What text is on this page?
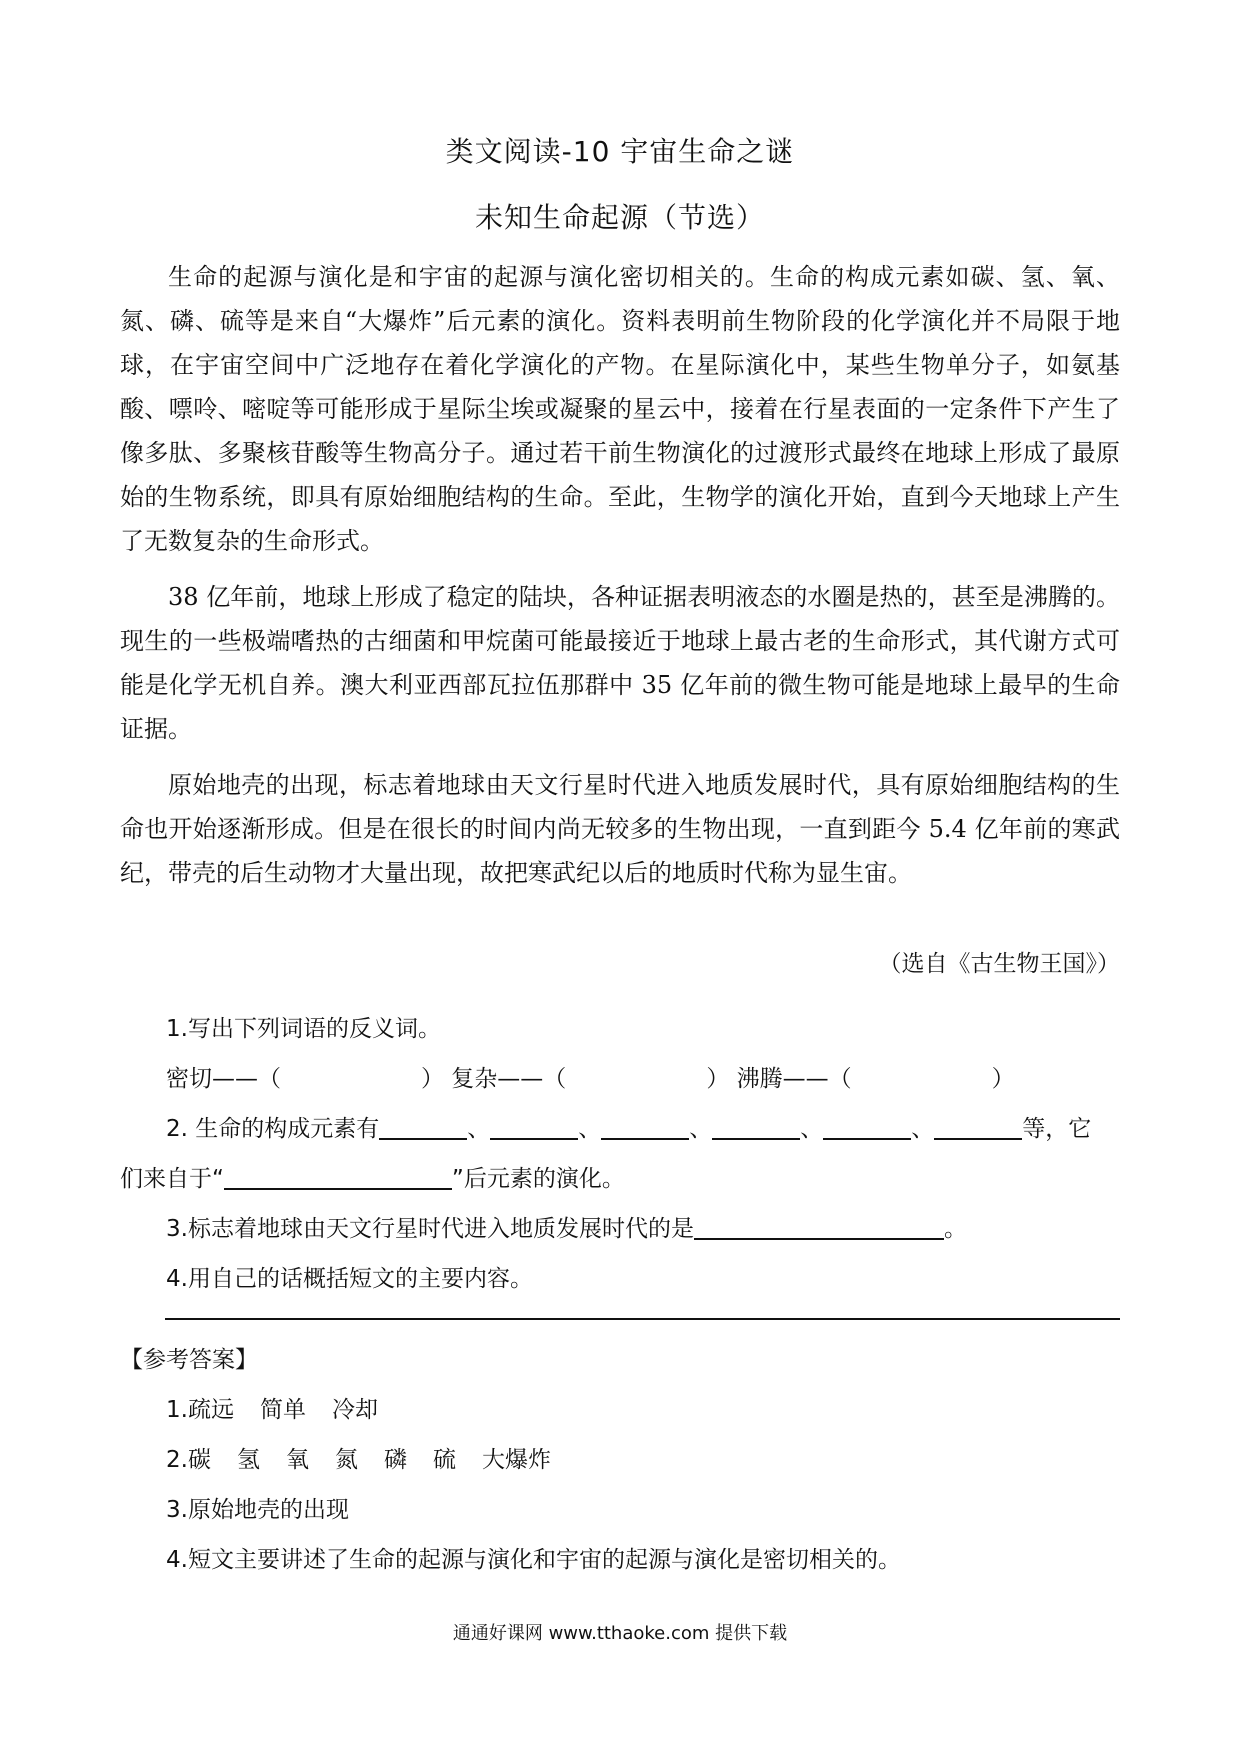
类文阅读-10 宇宙生命之谜
未知生命起源（节选）

生命的起源与演化是和宇宙的起源与演化密切相关的。生命的构成元素如碳、氢、氧、氮、磷、硫等是来自“大爆炸”后元素的演化。资料表明前生物阶段的化学演化并不局限于地球，在宇宙空间中广泛地存在着化学演化的产物。在星际演化中，某些生物单分子，如氨基酸、嘌呤、嘧啶等可能形成于星际尘埃或凝聚的星云中，接着在行星表面的一定条件下产生了像多肽、多聚核苷酸等生物高分子。通过若干前生物演化的过渡形式最终在地球上形成了最原始的生物系统，即具有原始细胞结构的生命。至此，生物学的演化开始，直到今天地球上产生了无数复杂的生命形式。

38 亿年前，地球上形成了稳定的陆块，各种证据表明液态的水圈是热的，甚至是沸腾的。现生的一些极端嗜热的古细菌和甲烷菌可能最接近于地球上最古老的生命形式，其代谢方式可能是化学无机自养。澳大利亚西部瓦拉伍那群中 35 亿年前的微生物可能是地球上最早的生命证据。

原始地壳的出现，标志着地球由天文行星时代进入地质发展时代，具有原始细胞结构的生命也开始逐渐形成。但是在很长的时间内尚无较多的生物出现，一直到距今 5.4 亿年前的寒武纪，带壳的后生动物才大量出现，故把寒武纪以后的地质时代称为显生宙。

（选自《古生物王国》）
1.写出下列词语的反义词。
密切——（	） 复杂——（	） 沸腾——（	）
2. 生命的构成元素有	、	、	、	、	、	等，它
们来自于“	”后元素的演化。
3.标志着地球由天文行星时代进入地质发展时代的是	。
4.用自己的话概括短文的主要内容。
【参考答案】
1.疏远 简单 冷却
2.碳 氢 氧 氮 磷 硫 大爆炸
3.原始地壳的出现
4.短文主要讲述了生命的起源与演化和宇宙的起源与演化是密切相关的。
通通好课网 www.tthaoke.com 提供下载
